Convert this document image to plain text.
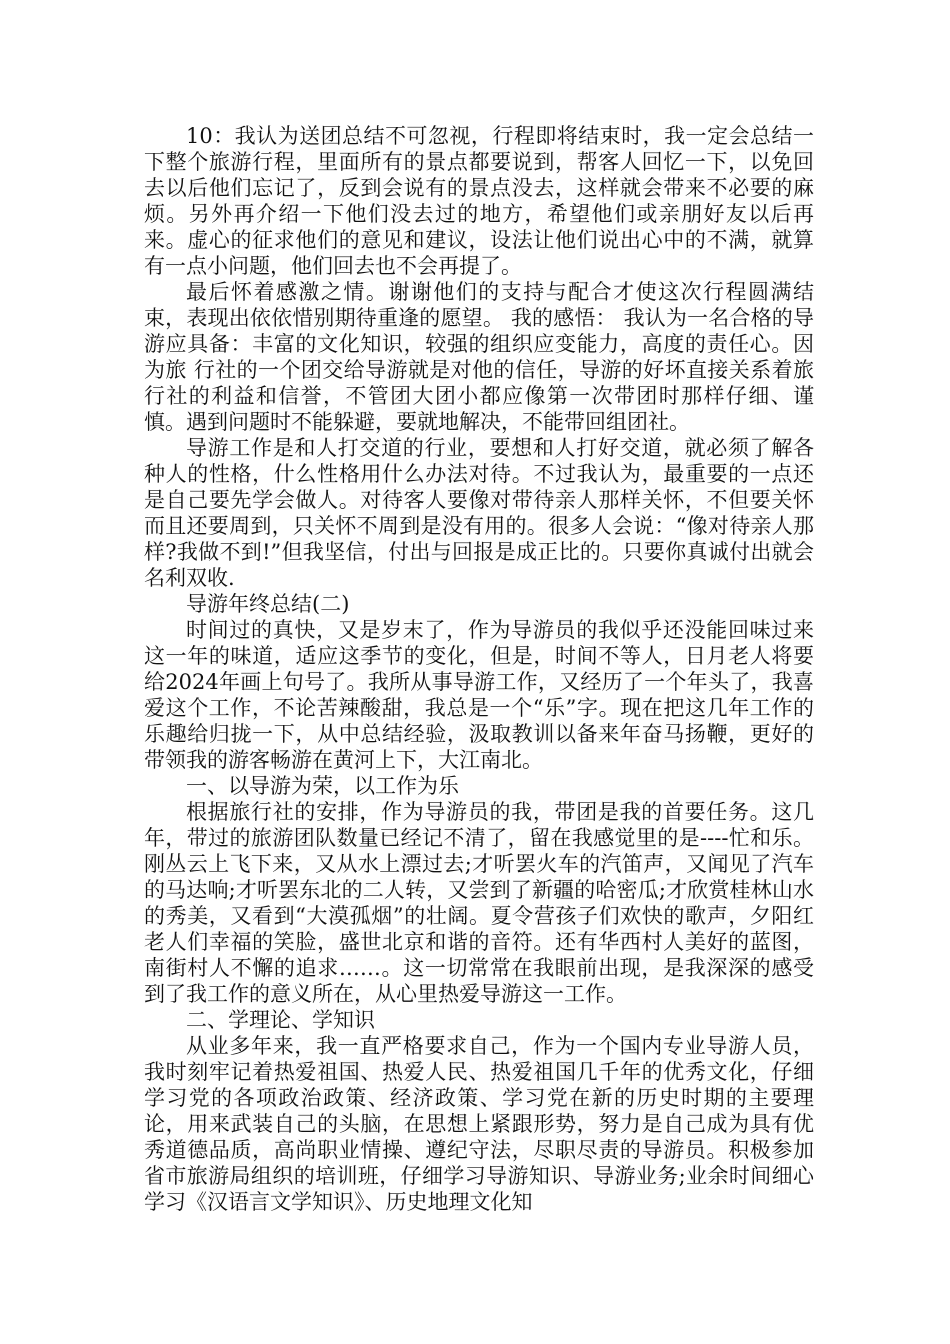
10：我认为送团总结不可忽视，行程即将结束时，我一定会总结一下整个旅游行程，里面所有的景点都要说到，帮客人回忆一下，以免回去以后他们忘记了，反到会说有的景点没去，这样就会带来不必要的麻烦。另外再介绍一下他们没去过的地方，希望他们或亲朋好友以后再来。虚心的征求他们的意见和建议，设法让他们说出心中的不满，就算有一点小问题，他们回去也不会再提了。

最后怀着感激之情。谢谢他们的支持与配合才使这次行程圆满结束，表现出依依惜别期待重逢的愿望。 我的感悟： 我认为一名合格的导游应具备：丰富的文化知识，较强的组织应变能力，高度的责任心。因为旅 行社的一个团交给导游就是对他的信任，导游的好坏直接关系着旅行社的利益和信誉，不管团大团小都应像第一次带团时那样仔细、谨慎。遇到问题时不能躲避，要就地解决，不能带回组团社。

导游工作是和人打交道的行业，要想和人打好交道，就必须了解各种人的性格，什么性格用什么办法对待。不过我认为，最重要的一点还是自己要先学会做人。对待客人要像对带待亲人那样关怀，不但要关怀而且还要周到，只关怀不周到是没有用的。很多人会说：“像对待亲人那样?我做不到!”但我坚信，付出与回报是成正比的。只要你真诚付出就会名利双收.

导游年终总结(二)

时间过的真快，又是岁末了，作为导游员的我似乎还没能回味过来这一年的味道，适应这季节的变化，但是，时间不等人，日月老人将要给2024年画上句号了。我所从事导游工作，又经历了一个年头了，我喜爱这个工作，不论苦辣酸甜，我总是一个“乐”字。现在把这几年工作的乐趣给归拢一下，从中总结经验，汲取教训以备来年奋马扬鞭，更好的带领我的游客畅游在黄河上下，大江南北。

一、以导游为荣，以工作为乐

根据旅行社的安排，作为导游员的我，带团是我的首要任务。这几年，带过的旅游团队数量已经记不清了，留在我感觉里的是----忙和乐。刚丛云上飞下来，又从水上漂过去;才听罢火车的汽笛声，又闻见了汽车的马达响;才听罢东北的二人转，又尝到了新疆的哈密瓜;才欣赏桂林山水的秀美，又看到“大漠孤烟”的壮阔。夏令营孩子们欢快的歌声，夕阳红老人们幸福的笑脸，盛世北京和谐的音符。还有华西村人美好的蓝图，南街村人不懈的追求……。这一切常常在我眼前出现，是我深深的感受到了我工作的意义所在，从心里热爱导游这一工作。

二、学理论、学知识

从业多年来，我一直严格要求自己，作为一个国内专业导游人员，我时刻牢记着热爱祖国、热爱人民、热爱祖国几千年的优秀文化，仔细学习党的各项政治政策、经济政策、学习党在新的历史时期的主要理论，用来武装自己的头脑，在思想上紧跟形势，努力是自己成为具有优秀道德品质，高尚职业情操、遵纪守法，尽职尽责的导游员。积极参加省市旅游局组织的培训班，仔细学习导游知识、导游业务;业余时间细心学习《汉语言文学知识》、历史地理文化知
